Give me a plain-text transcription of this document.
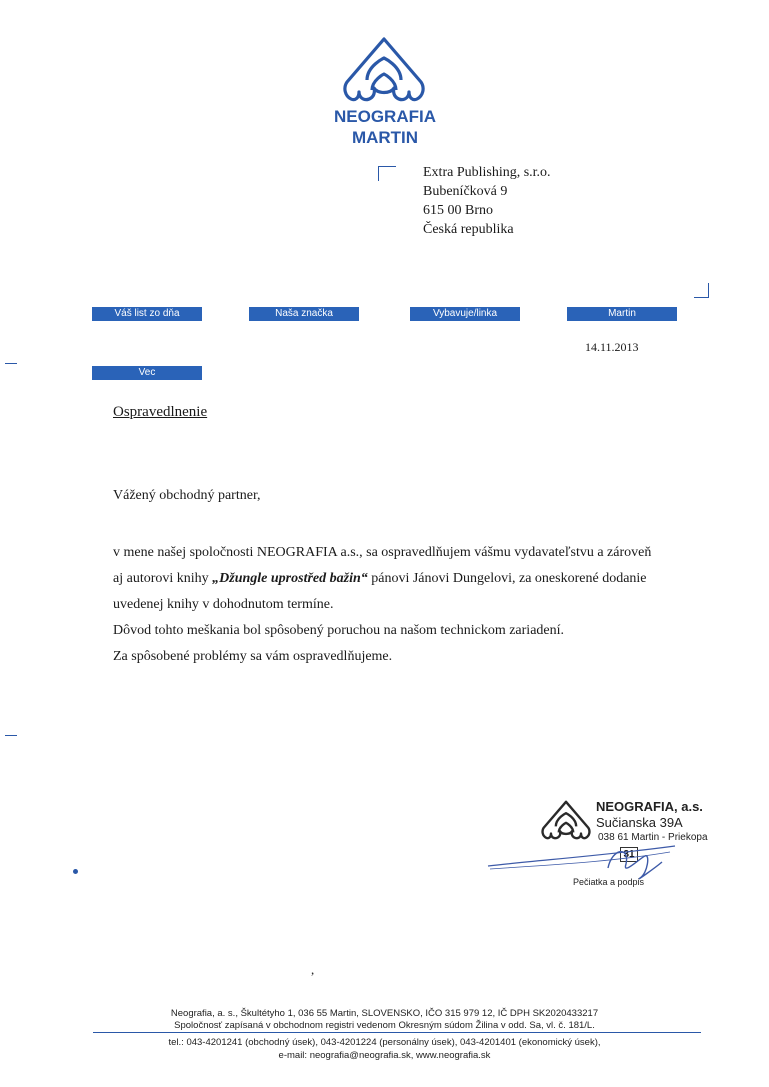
NEOGRAFIA
MARTIN
Extra Publishing, s.r.o.
Bubeníčková 9
615 00 Brno
Česká republika
Váš list zo dňa	Naša značka	Vybavuje/linka	Martin
14.11.2013
Vec
Ospravedlnenie
Vážený obchodný partner,

v mene našej spoločnosti NEOGRAFIA a.s., sa ospravedlňujem vášmu vydavateľstvu a zároveň

aj autorovi knihy „Džungle uprostřed bažin“ pánovi Jánovi Dungelovi, za oneskorené dodanie

uvedenej knihy v dohodnutom termíne.

Dôvod tohto meškania bol spôsobený poruchou na našom technickom zariadení.

Za spôsobené problémy sa vám ospravedlňujeme.

NEOGRAFIA, a.s.
Sučianska 39A
038 61 Martin - Priekopa
31
Pečiatka a podpis
,
Neografia, a. s., Škultétyho 1, 036 55 Martin, SLOVENSKO, IČO 315 979 12, IČ DPH SK2020433217
Spoločnosť zapísaná v obchodnom registri vedenom Okresným súdom Žilina v odd. Sa, vl. č. 181/L.
tel.: 043-4201241 (obchodný úsek), 043-4201224 (personálny úsek), 043-4201401 (ekonomický úsek),
e-mail: neografia@neografia.sk, www.neografia.sk
